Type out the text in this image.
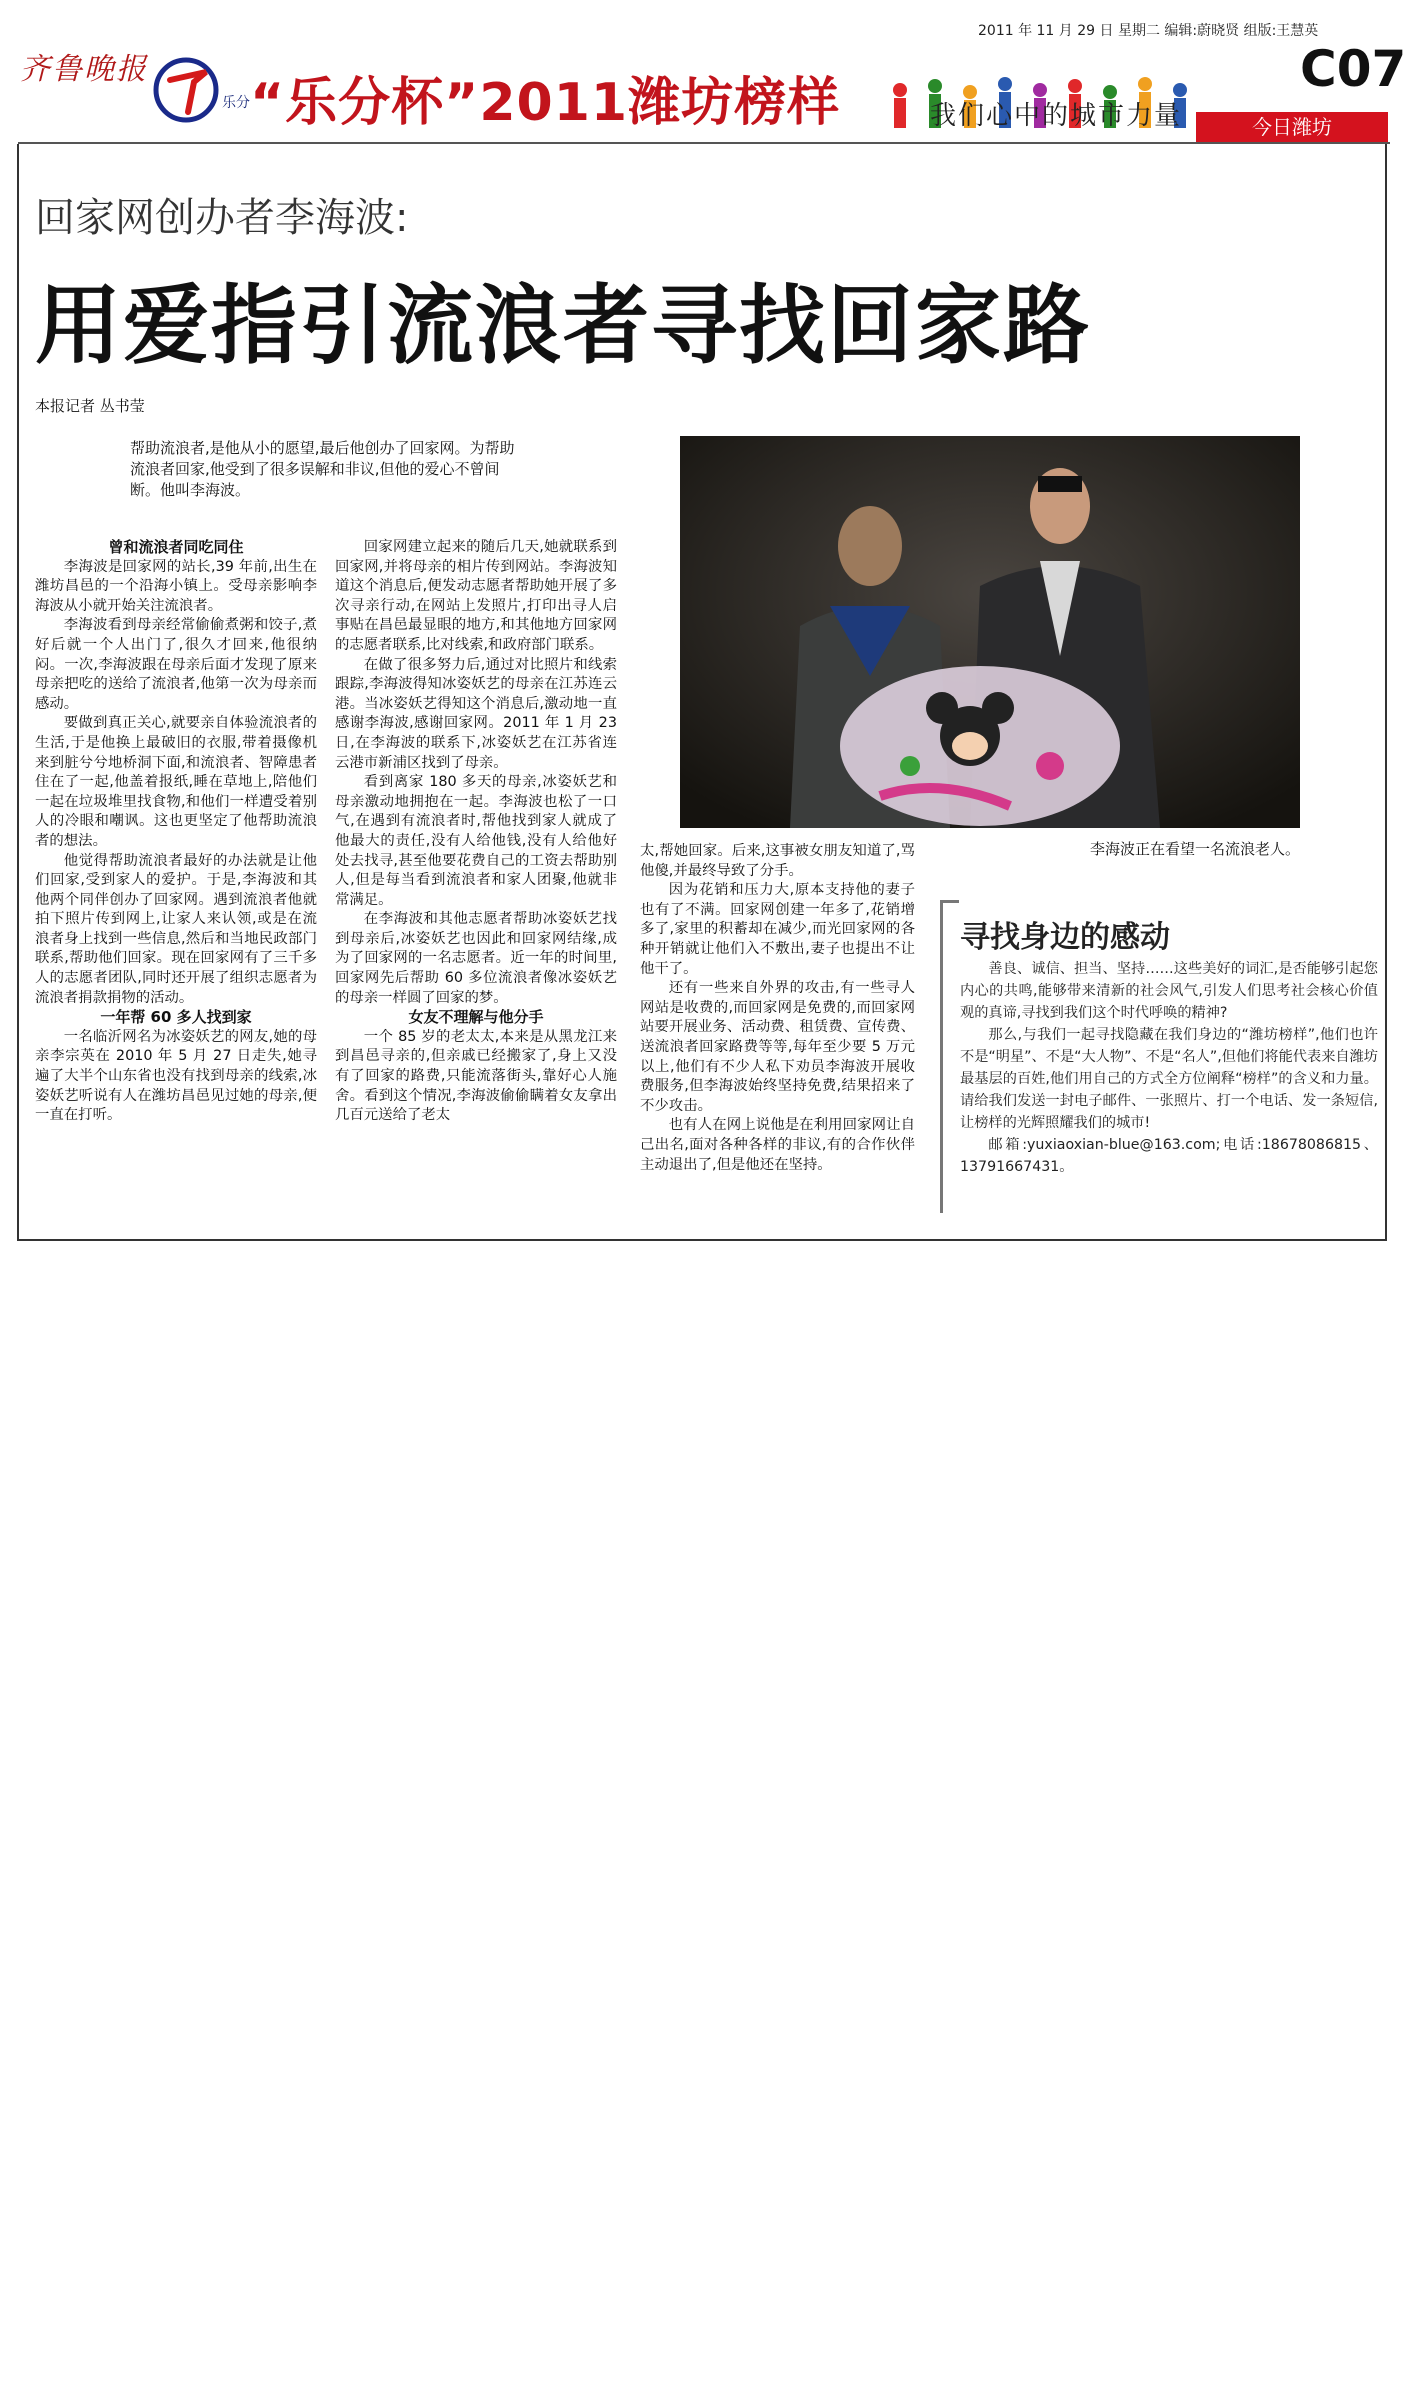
齐鲁晚报
乐分 “乐分杯”2011潍坊榜样	我们心中的城市力量
2011 年 11 月 29 日 星期二 编辑:蔚晓贤 组版:王慧英
C07
今日潍坊
回家网创办者李海波:
用爱指引流浪者寻找回家路
本报记者 丛书莹
帮助流浪者,是他从小的愿望,最后他创办了回家网。为帮助流浪者回家,他受到了很多误解和非议,但他的爱心不曾间断。他叫李海波。

曾和流浪者同吃同住

李海波是回家网的站长,39 年前,出生在潍坊昌邑的一个沿海小镇上。受母亲影响李海波从小就开始关注流浪者。

李海波看到母亲经常偷偷煮粥和饺子,煮好后就一个人出门了,很久才回来,他很纳闷。一次,李海波跟在母亲后面才发现了原来母亲把吃的送给了流浪者,他第一次为母亲而感动。

要做到真正关心,就要亲自体验流浪者的生活,于是他换上最破旧的衣服,带着摄像机来到脏兮兮地桥洞下面,和流浪者、智障患者住在了一起,他盖着报纸,睡在草地上,陪他们一起在垃圾堆里找食物,和他们一样遭受着别人的冷眼和嘲讽。这也更坚定了他帮助流浪者的想法。

他觉得帮助流浪者最好的办法就是让他们回家,受到家人的爱护。于是,李海波和其他两个同伴创办了回家网。遇到流浪者他就拍下照片传到网上,让家人来认领,或是在流浪者身上找到一些信息,然后和当地民政部门联系,帮助他们回家。现在回家网有了三千多人的志愿者团队,同时还开展了组织志愿者为流浪者捐款捐物的活动。

一年帮 60 多人找到家

一名临沂网名为冰姿妖艺的网友,她的母亲李宗英在 2010 年 5 月 27 日走失,她寻遍了大半个山东省也没有找到母亲的线索,冰姿妖艺听说有人在潍坊昌邑见过她的母亲,便一直在打听。

回家网建立起来的随后几天,她就联系到回家网,并将母亲的相片传到网站。李海波知道这个消息后,便发动志愿者帮助她开展了多次寻亲行动,在网站上发照片,打印出寻人启事贴在昌邑最显眼的地方,和其他地方回家网的志愿者联系,比对线索,和政府部门联系。

在做了很多努力后,通过对比照片和线索跟踪,李海波得知冰姿妖艺的母亲在江苏连云港。当冰姿妖艺得知这个消息后,激动地一直感谢李海波,感谢回家网。2011 年 1 月 23 日,在李海波的联系下,冰姿妖艺在江苏省连云港市新浦区找到了母亲。

看到离家 180 多天的母亲,冰姿妖艺和母亲激动地拥抱在一起。李海波也松了一口气,在遇到有流浪者时,帮他找到家人就成了他最大的责任,没有人给他钱,没有人给他好处去找寻,甚至他要花费自己的工资去帮助别人,但是每当看到流浪者和家人团聚,他就非常满足。

在李海波和其他志愿者帮助冰姿妖艺找到母亲后,冰姿妖艺也因此和回家网结缘,成为了回家网的一名志愿者。近一年的时间里,回家网先后帮助 60 多位流浪者像冰姿妖艺的母亲一样圆了回家的梦。

女友不理解与他分手

一个 85 岁的老太太,本来是从黑龙江来到昌邑寻亲的,但亲戚已经搬家了,身上又没有了回家的路费,只能流落街头,靠好心人施舍。看到这个情况,李海波偷偷瞒着女友拿出几百元送给了老太

太,帮她回家。后来,这事被女朋友知道了,骂他傻,并最终导致了分手。

因为花销和压力大,原本支持他的妻子也有了不满。回家网创建一年多了,花销增多了,家里的积蓄却在减少,而光回家网的各种开销就让他们入不敷出,妻子也提出不让他干了。

还有一些来自外界的攻击,有一些寻人网站是收费的,而回家网是免费的,而回家网站要开展业务、活动费、租赁费、宣传费、送流浪者回家路费等等,每年至少要 5 万元以上,他们有不少人私下劝员李海波开展收费服务,但李海波始终坚持免费,结果招来了不少攻击。

也有人在网上说他是在利用回家网让自己出名,面对各种各样的非议,有的合作伙伴主动退出了,但是他还在坚持。

李海波正在看望一名流浪老人。
寻找身边的感动

善良、诚信、担当、坚持……这些美好的词汇,是否能够引起您内心的共鸣,能够带来清新的社会风气,引发人们思考社会核心价值观的真谛,寻找到我们这个时代呼唤的精神?

那么,与我们一起寻找隐藏在我们身边的“潍坊榜样”,他们也许不是“明星”、不是“大人物”、不是“名人”,但他们将能代表来自潍坊最基层的百姓,他们用自己的方式全方位阐释“榜样”的含义和力量。请给我们发送一封电子邮件、一张照片、打一个电话、发一条短信,让榜样的光辉照耀我们的城市!

邮箱:yuxiaoxian-blue@163.com;电话:18678086815、13791667431。
